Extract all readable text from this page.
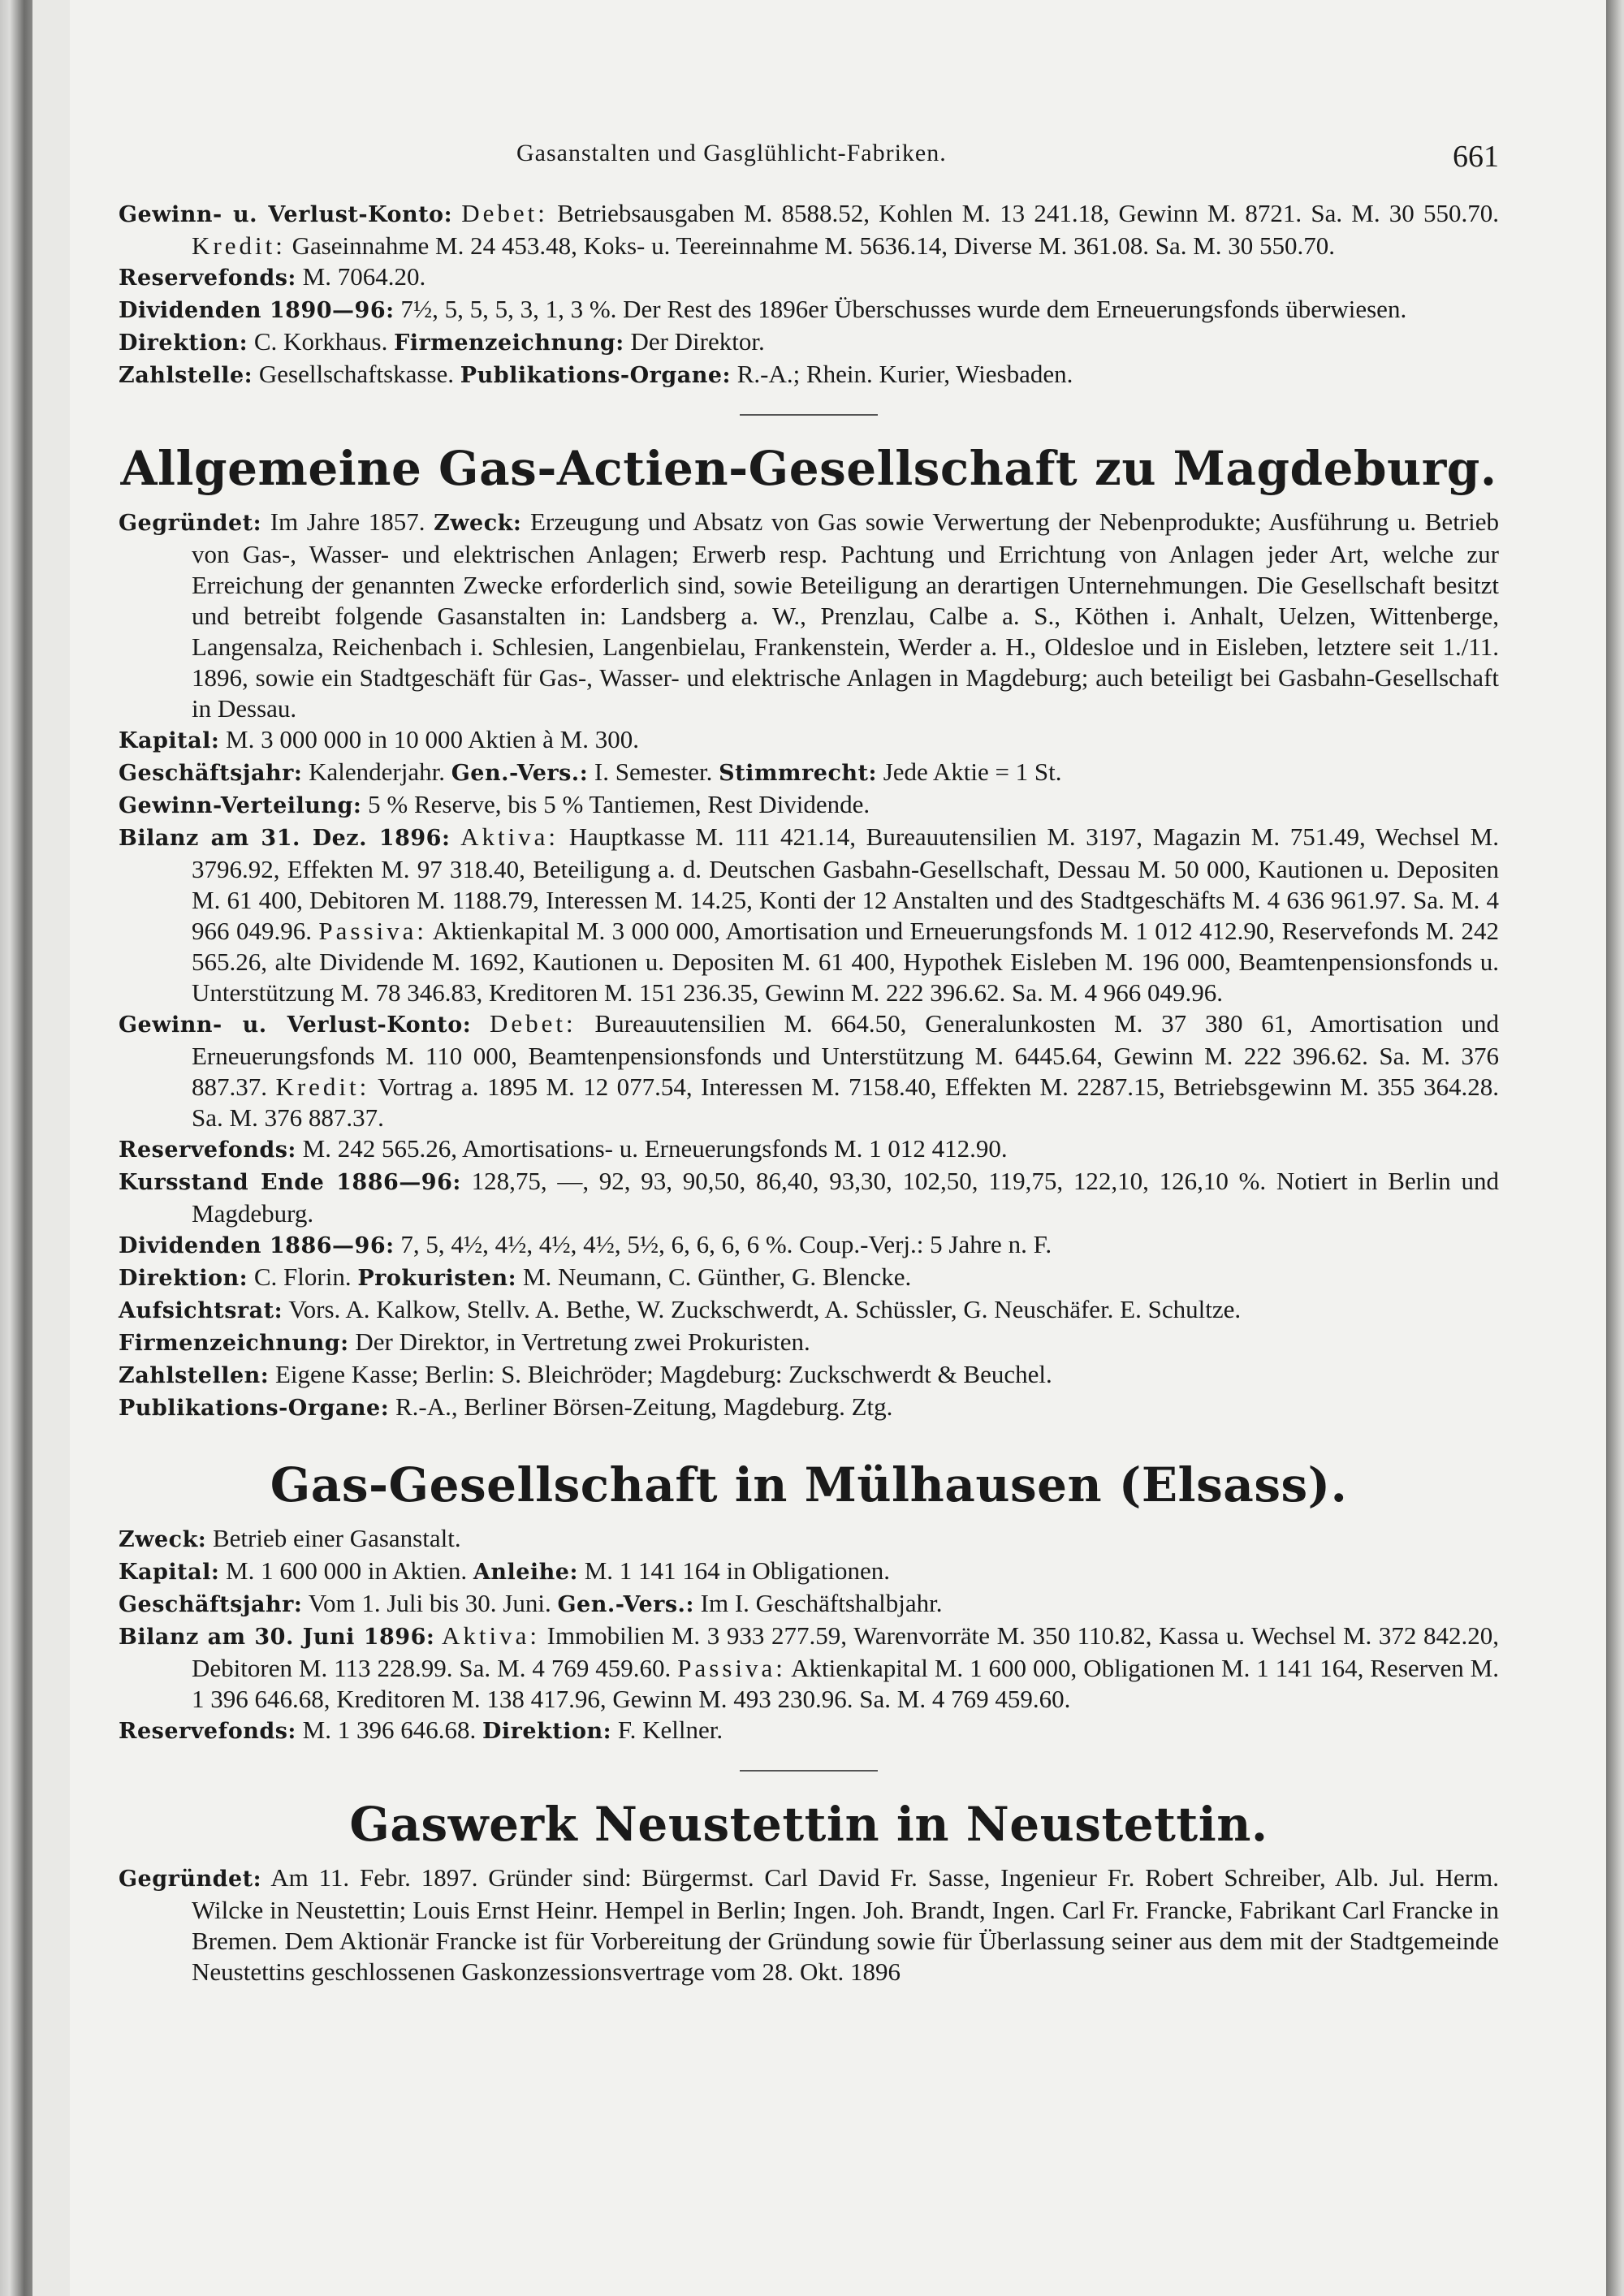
Gasanstalten und Gasglühlicht-Fabriken.	661

Gewinn- u. Verlust-Konto: Debet: Betriebsausgaben M. 8588.52, Kohlen M. 13 241.18, Gewinn M. 8721. Sa. M. 30 550.70. Kredit: Gaseinnahme M. 24 453.48, Koks- u. Teereinnahme M. 5636.14, Diverse M. 361.08. Sa. M. 30 550.70.

Reservefonds: M. 7064.20.

Dividenden 1890—96: 7½, 5, 5, 5, 3, 1, 3 %. Der Rest des 1896er Überschusses wurde dem Erneuerungsfonds überwiesen.

Direktion: C. Korkhaus. Firmenzeichnung: Der Direktor.

Zahlstelle: Gesellschaftskasse. Publikations-Organe: R.-A.; Rhein. Kurier, Wiesbaden.

Allgemeine Gas-Actien-Gesellschaft zu Magdeburg.

Gegründet: Im Jahre 1857. Zweck: Erzeugung und Absatz von Gas sowie Verwertung der Nebenprodukte; Ausführung u. Betrieb von Gas-, Wasser- und elektrischen Anlagen; Erwerb resp. Pachtung und Errichtung von Anlagen jeder Art, welche zur Erreichung der genannten Zwecke erforderlich sind, sowie Beteiligung an derartigen Unternehmungen. Die Gesellschaft besitzt und betreibt folgende Gasanstalten in: Landsberg a. W., Prenzlau, Calbe a. S., Köthen i. Anhalt, Uelzen, Wittenberge, Langensalza, Reichenbach i. Schlesien, Langenbielau, Frankenstein, Werder a. H., Oldesloe und in Eisleben, letztere seit 1./11. 1896, sowie ein Stadtgeschäft für Gas-, Wasser- und elektrische Anlagen in Magdeburg; auch beteiligt bei Gasbahn-Gesellschaft in Dessau.

Kapital: M. 3 000 000 in 10 000 Aktien à M. 300.

Geschäftsjahr: Kalenderjahr. Gen.-Vers.: I. Semester. Stimmrecht: Jede Aktie = 1 St.

Gewinn-Verteilung: 5 % Reserve, bis 5 % Tantiemen, Rest Dividende.

Bilanz am 31. Dez. 1896: Aktiva: Hauptkasse M. 111 421.14, Bureauutensilien M. 3197, Magazin M. 751.49, Wechsel M. 3796.92, Effekten M. 97 318.40, Beteiligung a. d. Deutschen Gasbahn-Gesellschaft, Dessau M. 50 000, Kautionen u. Depositen M. 61 400, Debitoren M. 1188.79, Interessen M. 14.25, Konti der 12 Anstalten und des Stadtgeschäfts M. 4 636 961.97. Sa. M. 4 966 049.96. Passiva: Aktienkapital M. 3 000 000, Amortisation und Erneuerungsfonds M. 1 012 412.90, Reservefonds M. 242 565.26, alte Dividende M. 1692, Kautionen u. Depositen M. 61 400, Hypothek Eisleben M. 196 000, Beamtenpensionsfonds u. Unterstützung M. 78 346.83, Kreditoren M. 151 236.35, Gewinn M. 222 396.62. Sa. M. 4 966 049.96.

Gewinn- u. Verlust-Konto: Debet: Bureauutensilien M. 664.50, Generalunkosten M. 37 380 61, Amortisation und Erneuerungsfonds M. 110 000, Beamtenpensionsfonds und Unterstützung M. 6445.64, Gewinn M. 222 396.62. Sa. M. 376 887.37. Kredit: Vortrag a. 1895 M. 12 077.54, Interessen M. 7158.40, Effekten M. 2287.15, Betriebsgewinn M. 355 364.28. Sa. M. 376 887.37.

Reservefonds: M. 242 565.26, Amortisations- u. Erneuerungsfonds M. 1 012 412.90.

Kursstand Ende 1886—96: 128,75, —, 92, 93, 90,50, 86,40, 93,30, 102,50, 119,75, 122,10, 126,10 %. Notiert in Berlin und Magdeburg.

Dividenden 1886—96: 7, 5, 4½, 4½, 4½, 4½, 5½, 6, 6, 6, 6 %. Coup.-Verj.: 5 Jahre n. F.

Direktion: C. Florin. Prokuristen: M. Neumann, C. Günther, G. Blencke.

Aufsichtsrat: Vors. A. Kalkow, Stellv. A. Bethe, W. Zuckschwerdt, A. Schüssler, G. Neuschäfer. E. Schultze.

Firmenzeichnung: Der Direktor, in Vertretung zwei Prokuristen.

Zahlstellen: Eigene Kasse; Berlin: S. Bleichröder; Magdeburg: Zuckschwerdt & Beuchel.

Publikations-Organe: R.-A., Berliner Börsen-Zeitung, Magdeburg. Ztg.

Gas-Gesellschaft in Mülhausen (Elsass).

Zweck: Betrieb einer Gasanstalt.

Kapital: M. 1 600 000 in Aktien. Anleihe: M. 1 141 164 in Obligationen.

Geschäftsjahr: Vom 1. Juli bis 30. Juni. Gen.-Vers.: Im I. Geschäftshalbjahr.

Bilanz am 30. Juni 1896: Aktiva: Immobilien M. 3 933 277.59, Warenvorräte M. 350 110.82, Kassa u. Wechsel M. 372 842.20, Debitoren M. 113 228.99. Sa. M. 4 769 459.60. Passiva: Aktienkapital M. 1 600 000, Obligationen M. 1 141 164, Reserven M. 1 396 646.68, Kreditoren M. 138 417.96, Gewinn M. 493 230.96. Sa. M. 4 769 459.60.

Reservefonds: M. 1 396 646.68. Direktion: F. Kellner.

Gaswerk Neustettin in Neustettin.

Gegründet: Am 11. Febr. 1897. Gründer sind: Bürgermst. Carl David Fr. Sasse, Ingenieur Fr. Robert Schreiber, Alb. Jul. Herm. Wilcke in Neustettin; Louis Ernst Heinr. Hempel in Berlin; Ingen. Joh. Brandt, Ingen. Carl Fr. Francke, Fabrikant Carl Francke in Bremen. Dem Aktionär Francke ist für Vorbereitung der Gründung sowie für Überlassung seiner aus dem mit der Stadtgemeinde Neustettins geschlossenen Gaskonzessionsvertrage vom 28. Okt. 1896
